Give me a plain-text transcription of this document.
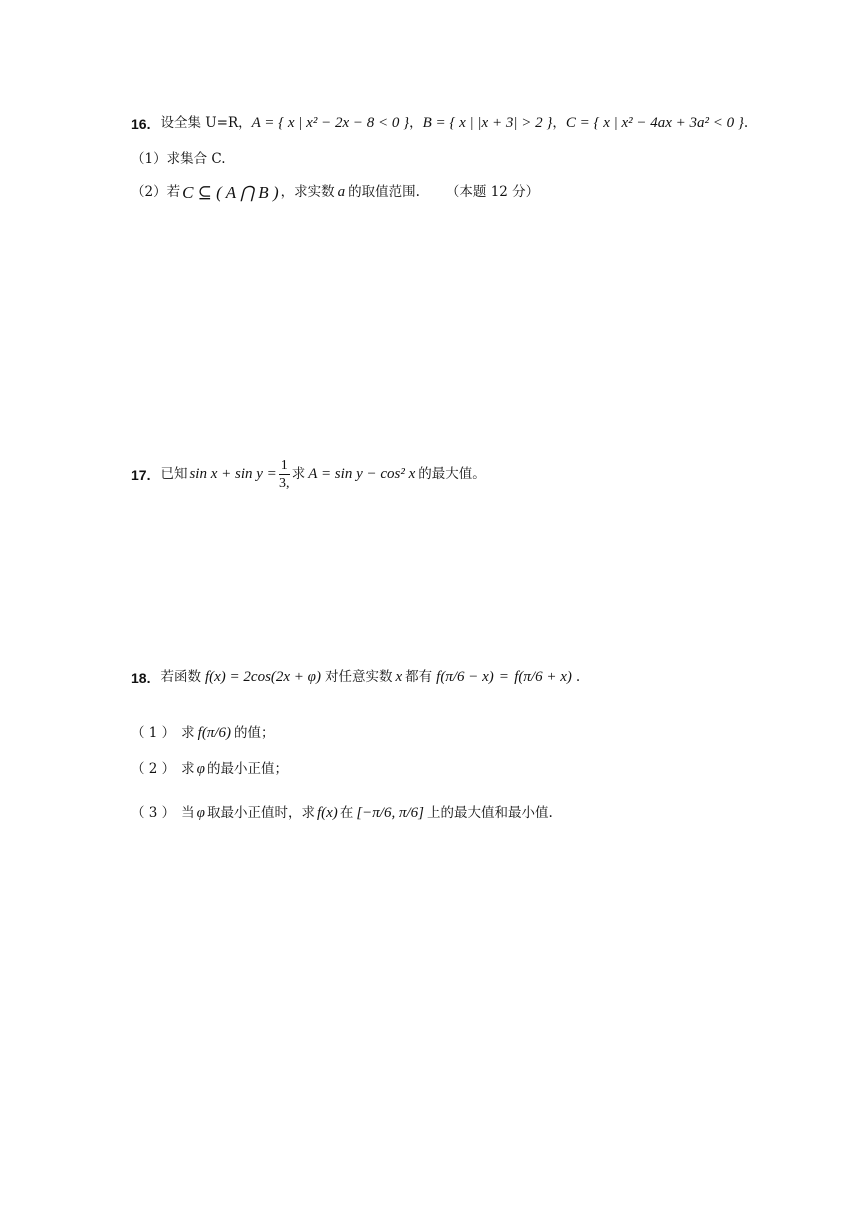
16. 设全集 U=R， A = { x | x² − 2x − 8 < 0 } ， B = { x | |x + 3| > 2 } ， C = { x | x² − 4ax + 3a² < 0 } .
（1）求集合 C.
（2）若 C ⊆ ( A ⋂ B ) ，求实数 a 的取值范围. （本题 12 分）
17. 已知 $\sin x + \sin y = \frac{1}{3,}$ 求 A = sin y − cos² x 的最大值。
18. 若函数 f(x) = 2cos(2x + φ) 对任意实数 x 都有 f(π/6 − x) = f(π/6 + x) .
（ 1 ） 求 f(π/6) 的值；
（ 2 ） 求 φ 的最小正值；
（ 3 ） 当 φ 取最小正值时，求 f(x) 在 [−π/6, π/6] 上的最大值和最小值.
